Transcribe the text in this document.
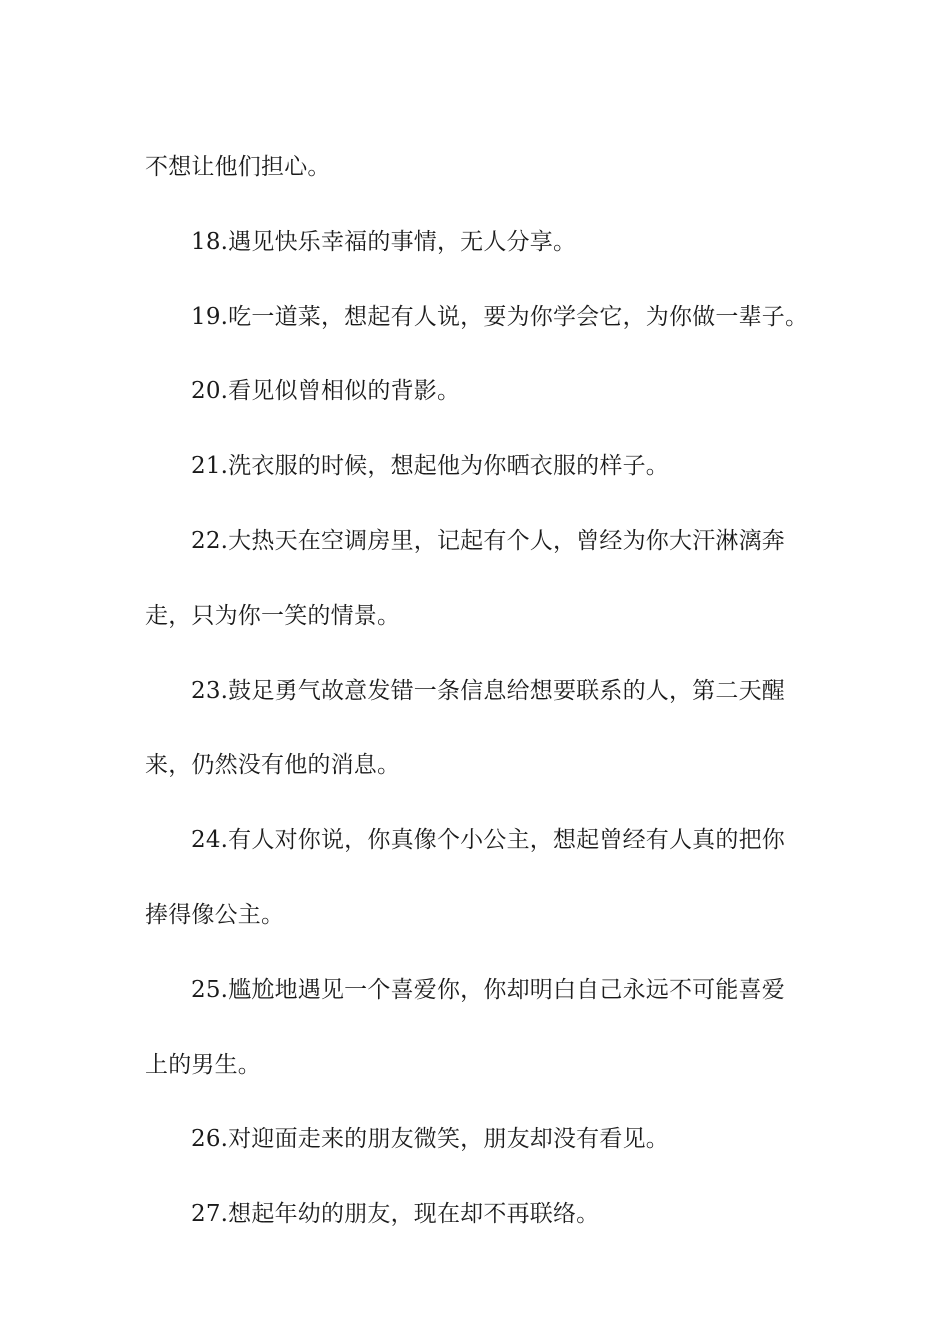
不想让他们担心。

18.遇见快乐幸福的事情，无人分享。

19.吃一道菜，想起有人说，要为你学会它，为你做一辈子。

20.看见似曾相似的背影。

21.洗衣服的时候，想起他为你晒衣服的样子。

22.大热天在空调房里，记起有个人，曾经为你大汗淋漓奔

走，只为你一笑的情景。

23.鼓足勇气故意发错一条信息给想要联系的人，第二天醒

来，仍然没有他的消息。

24.有人对你说，你真像个小公主，想起曾经有人真的把你

捧得像公主。

25.尴尬地遇见一个喜爱你，你却明白自己永远不可能喜爱

上的男生。

26.对迎面走来的朋友微笑，朋友却没有看见。

27.想起年幼的朋友，现在却不再联络。
